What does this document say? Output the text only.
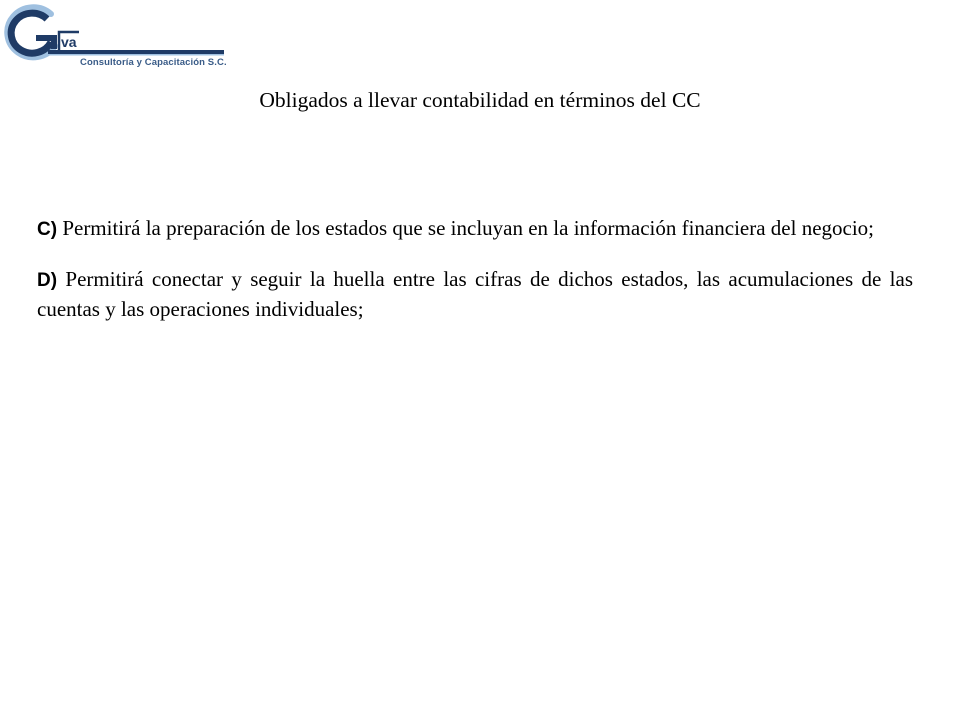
va
Consultoría y Capacitación S.C.
Obligados a llevar contabilidad en términos del CC

C) Permitirá la preparación de los estados que se incluyan en la información financiera del negocio;

D) Permitirá conectar y seguir la huella entre las cifras de dichos estados, las acumulaciones de las cuentas y las operaciones individuales;
